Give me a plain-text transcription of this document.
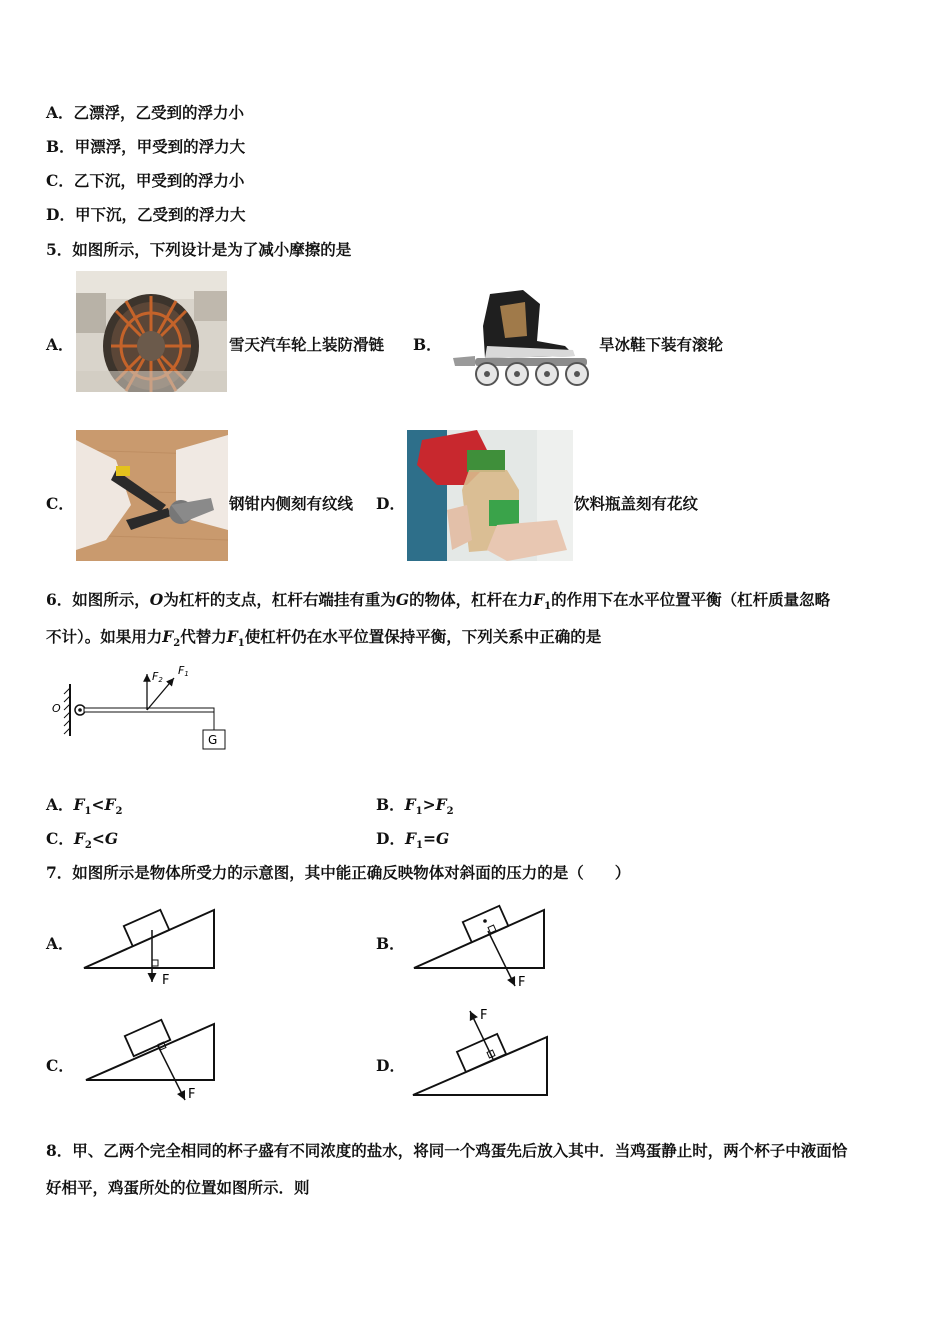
A．乙漂浮，乙受到的浮力小
B．甲漂浮，甲受到的浮力大
C．乙下沉，甲受到的浮力小
D．甲下沉，乙受到的浮力大
5．如图所示，下列设计是为了减小摩擦的是
A．	雪天汽车轮上装防滑链 B．	旱冰鞋下装有滚轮
C．	钢钳内侧刻有纹线 D．	饮料瓶盖刻有花纹
6．如图所示，O为杠杆的支点，杠杆右端挂有重为G的物体，杠杆在力$F_1$的作用下在水平位置平衡（杠杆质量忽略
不计）。如果用力$F_2$代替力$F_1$使杠杆仍在水平位置保持平衡，下列关系中正确的是
O
F2
F1
G
A．$F_1<F_2$	B．$F_1>F_2$
C．$F_2<G$	D．$F_1=G$
7．如图所示是物体所受力的示意图，其中能正确反映物体对斜面的压力的是（　　）
A．
F
B．
F
C．
F
D．
F
8．甲、乙两个完全相同的杯子盛有不同浓度的盐水，将同一个鸡蛋先后放入其中．当鸡蛋静止时，两个杯子中液面恰
好相平，鸡蛋所处的位置如图所示．则
